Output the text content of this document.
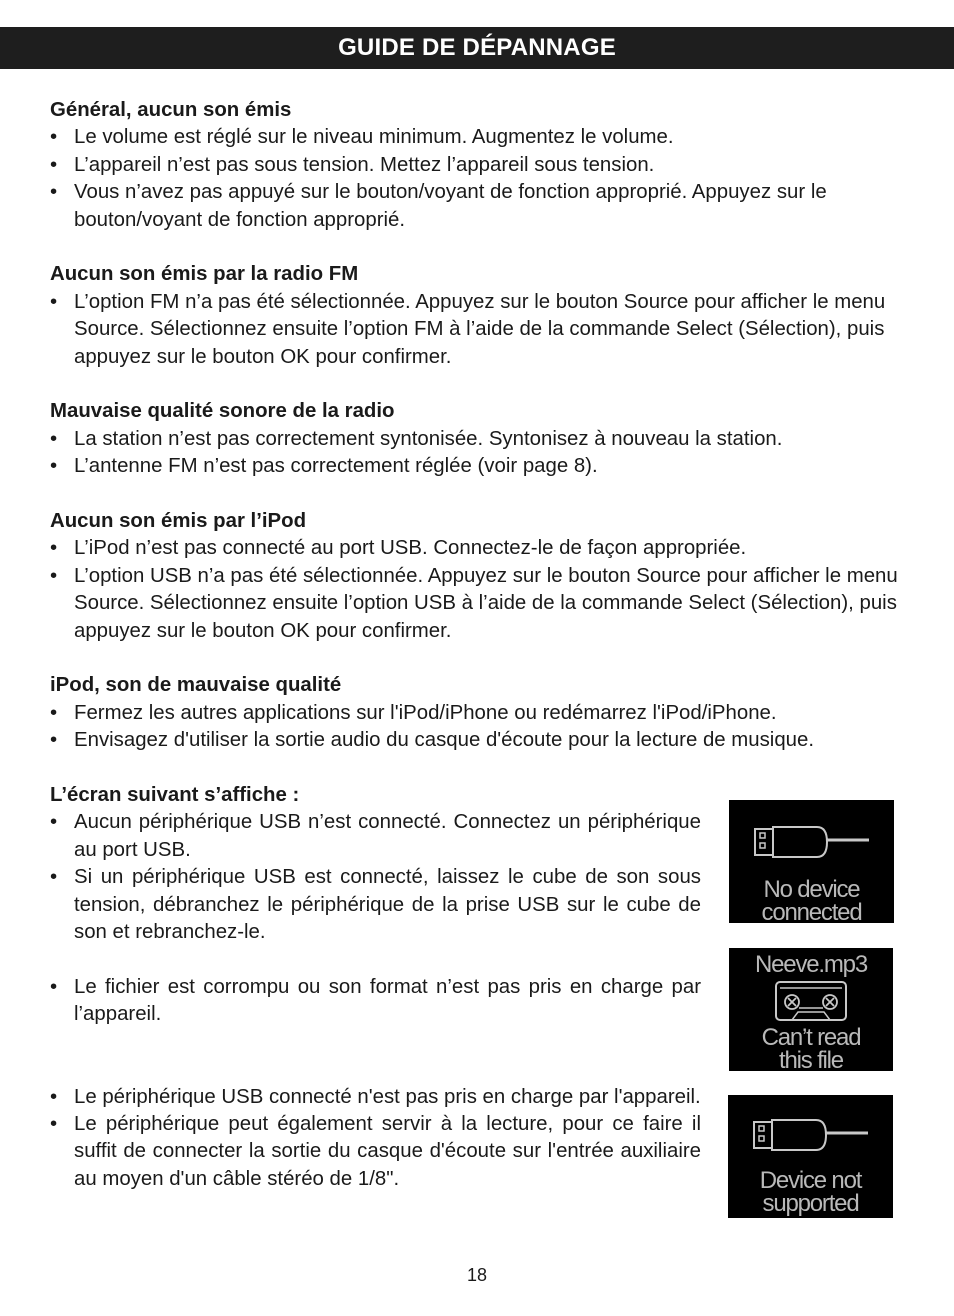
GUIDE DE DÉPANNAGE
Général, aucun son émis
• Le volume est réglé sur le niveau minimum. Augmentez le volume.
• L’appareil n’est pas sous tension. Mettez l’appareil sous tension.
• Vous n’avez pas appuyé sur le bouton/voyant de fonction approprié. Appuyez sur le bouton/voyant de fonction approprié.
Aucun son émis par la radio FM
• L’option FM n’a pas été sélectionnée. Appuyez sur le bouton Source pour afficher le menu Source. Sélectionnez ensuite l’option FM à l’aide de la commande Select (Sélection), puis appuyez sur le bouton OK pour confirmer.
Mauvaise qualité sonore de la radio
• La station n’est pas correctement syntonisée. Syntonisez à nouveau la station.
• L’antenne FM n’est pas correctement réglée (voir page 8).
Aucun son émis par l’iPod
• L’iPod n’est pas connecté au port USB. Connectez-le de façon appropriée.
• L’option USB n’a pas été sélectionnée. Appuyez sur le bouton Source pour afficher le menu Source. Sélectionnez ensuite l’option USB à l’aide de la commande Select (Sélection), puis appuyez sur le bouton OK pour confirmer.
iPod, son de mauvaise qualité
• Fermez les autres applications sur l'iPod/iPhone ou redémarrez l'iPod/iPhone.
• Envisagez d'utiliser la sortie audio du casque d'écoute pour la lecture de musique.
L’écran suivant s’affiche :
• Aucun périphérique USB n’est connecté. Connectez un périphérique au port USB.
• Si un périphérique USB est connecté, laissez le cube de son sous tension, débranchez le périphérique de la prise USB sur le cube de son et rebranchez-le.
• Le fichier est corrompu ou son format n’est pas pris en charge par l’appareil.
• Le périphérique USB connecté n'est pas pris en charge par l'appareil.
• Le périphérique peut également servir à la lecture, pour ce faire il suffit de connecter la sortie du casque d'écoute sur l'entrée auxiliaire au moyen d'un câble stéréo de 1/8".
No device
connected
Neeve.mp3
Can’t read
this file
Device not
supported
18
